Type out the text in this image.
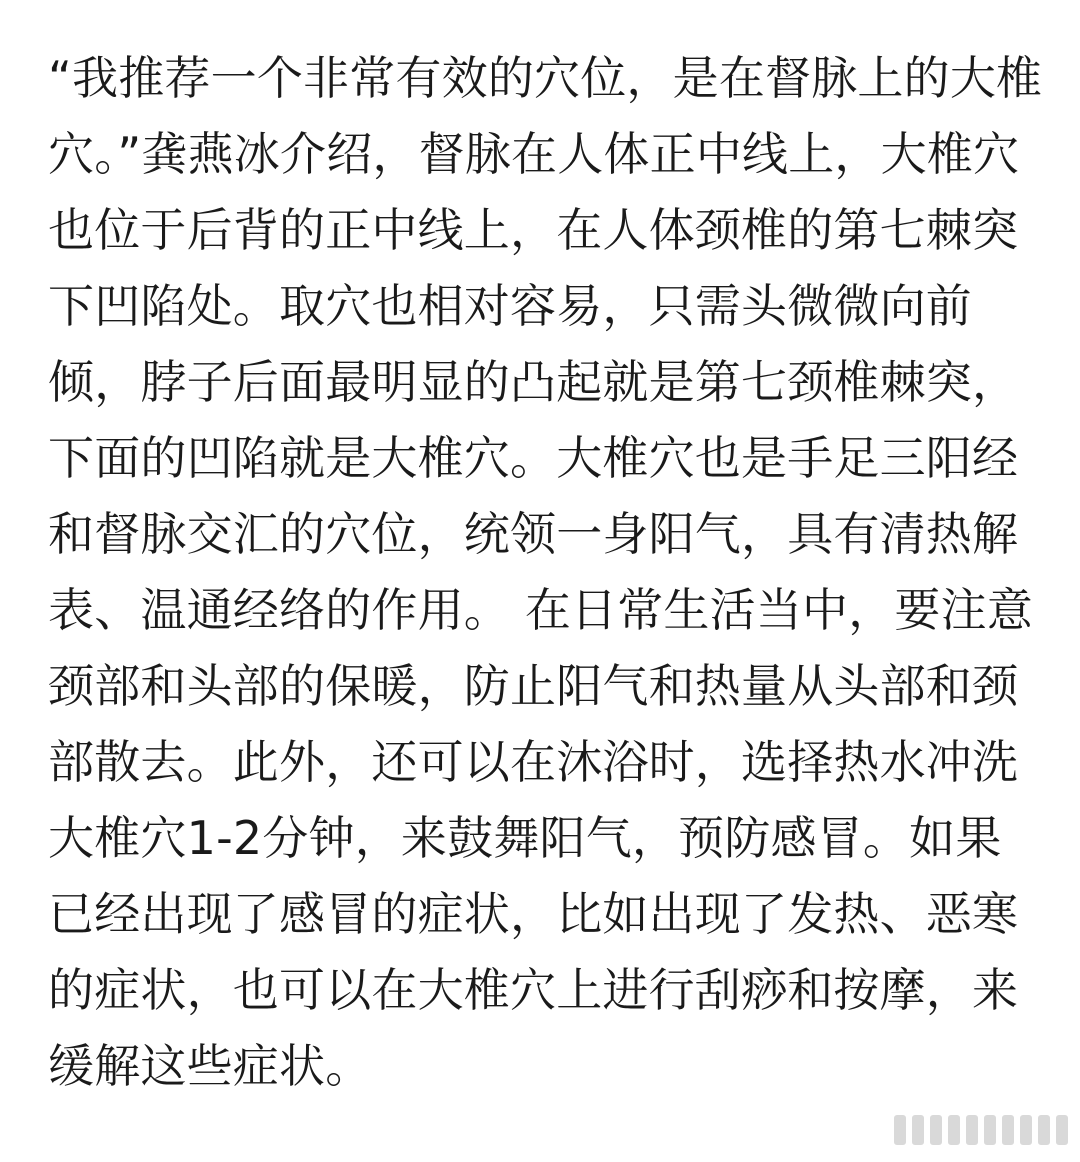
“我推荐一个非常有效的穴位，是在督脉上的大椎
穴。”龚燕冰介绍，督脉在人体正中线上，大椎穴
也位于后背的正中线上，在人体颈椎的第七棘突
下凹陷处。取穴也相对容易，只需头微微向前
倾，脖子后面最明显的凸起就是第七颈椎棘突，
下面的凹陷就是大椎穴。大椎穴也是手足三阳经
和督脉交汇的穴位，统领一身阳气，具有清热解
表、温通经络的作用。 在日常生活当中，要注意
颈部和头部的保暖，防止阳气和热量从头部和颈
部散去。此外，还可以在沐浴时，选择热水冲洗
大椎穴1-2分钟，来鼓舞阳气，预防感冒。如果
已经出现了感冒的症状，比如出现了发热、恶寒
的症状，也可以在大椎穴上进行刮痧和按摩，来
缓解这些症状。
